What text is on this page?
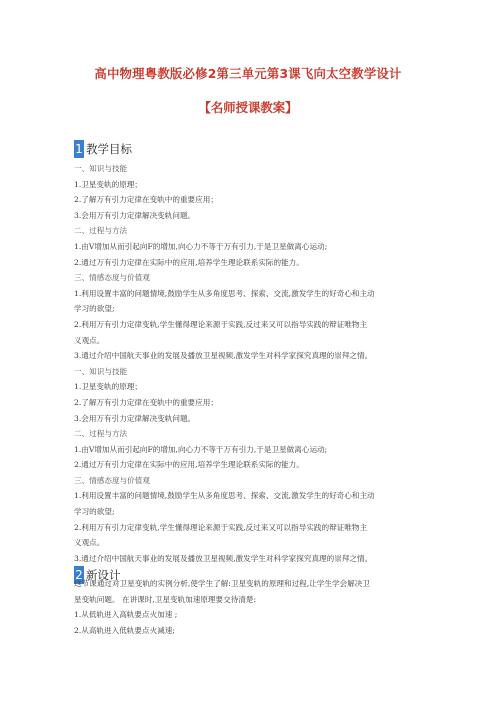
高中物理粤教版必修2第三单元第3课飞向太空教学设计
【名师授课教案】
1 教学目标
一、知识与技能
1.卫星变轨的原理；
2.了解万有引力定律在变轨中的重要应用；
3.会用万有引力定律解决变轨问题。
二、过程与方法
1.由V增加从而引起向F的增加,向心力不等于万有引力,于是卫星做离心运动;
2.通过万有引力定律在实际中的应用,培养学生理论联系实际的能力。
三、情感态度与价值观
1.利用设置丰富的问题情境,鼓励学生从多角度思考、探索、交流,激发学生的好奇心和主动
学习的欲望;
2.利用万有引力定律变轨,学生懂得理论来源于实践,反过来又可以指导实践的辩证唯物主
义观点。
3.通过介绍中国航天事业的发展及播放卫星视频,激发学生对科学家探究真理的崇拜之情。
一、知识与技能
1.卫星变轨的原理；
2.了解万有引力定律在变轨中的重要应用；
3.会用万有引力定律解决变轨问题。
二、过程与方法
1.由V增加从而引起向F的增加,向心力不等于万有引力,于是卫星做离心运动;
2.通过万有引力定律在实际中的应用,培养学生理论联系实际的能力。
三、情感态度与价值观
1.利用设置丰富的问题情境,鼓励学生从多角度思考、探索、交流,激发学生的好奇心和主动
学习的欲望;
2.利用万有引力定律变轨,学生懂得理论来源于实践,反过来又可以指导实践的辩证唯物主
义观点。
3.通过介绍中国航天事业的发展及播放卫星视频,激发学生对科学家探究真理的崇拜之情。
2 新设计
这节课通过对卫星变轨的实例分析,使学生了解:卫星变轨的原理和过程,让学生学会解决卫
星变轨问题。 在讲课时,卫星变轨加速原理要交待清楚:
1.从低轨进入高轨要点火加速 ;
2.从高轨进入低轨要点火减速;
